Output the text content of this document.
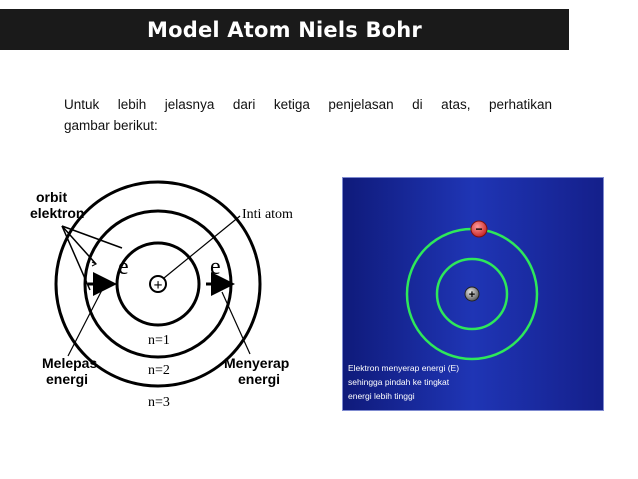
Model Atom Niels Bohr
Untuk lebih jelasnya dari ketiga penjelasan di atas, perhatikan
gambar berikut:
+
orbit
elektron	Inti atom
e	e
n=1
n=2
n=3
Melepas
energi
Menyerap
energi
+
−
Elektron menyerap energi (E)
sehingga pindah ke tingkat
energi lebih tinggi
